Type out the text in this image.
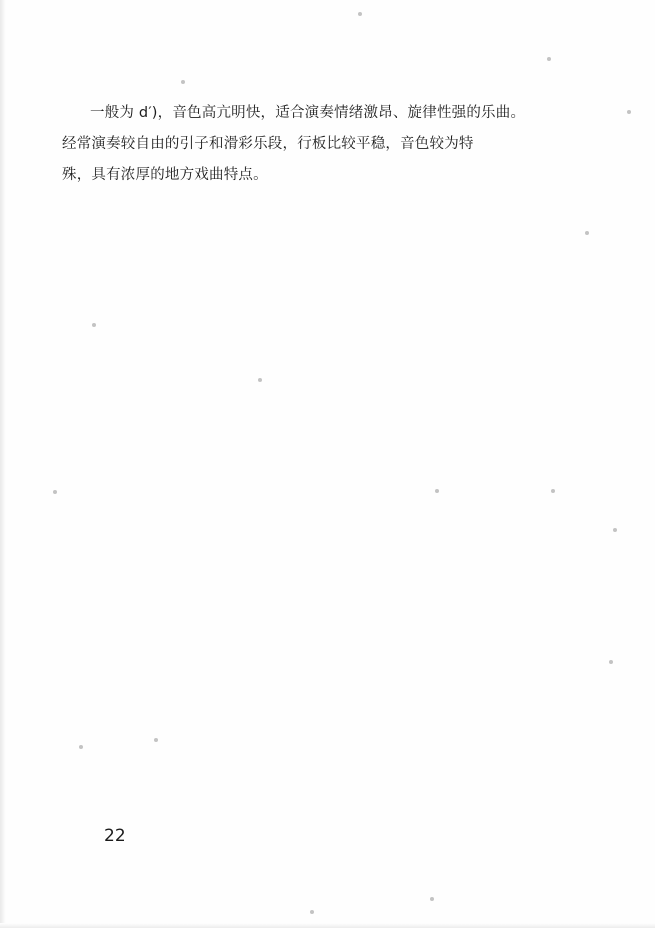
一般为 d′)，音色高亢明快，适合演奏情绪激昂、旋律性强的乐曲。
经常演奏较自由的引子和滑彩乐段，行板比较平稳，音色较为特
殊，具有浓厚的地方戏曲特点。
22
